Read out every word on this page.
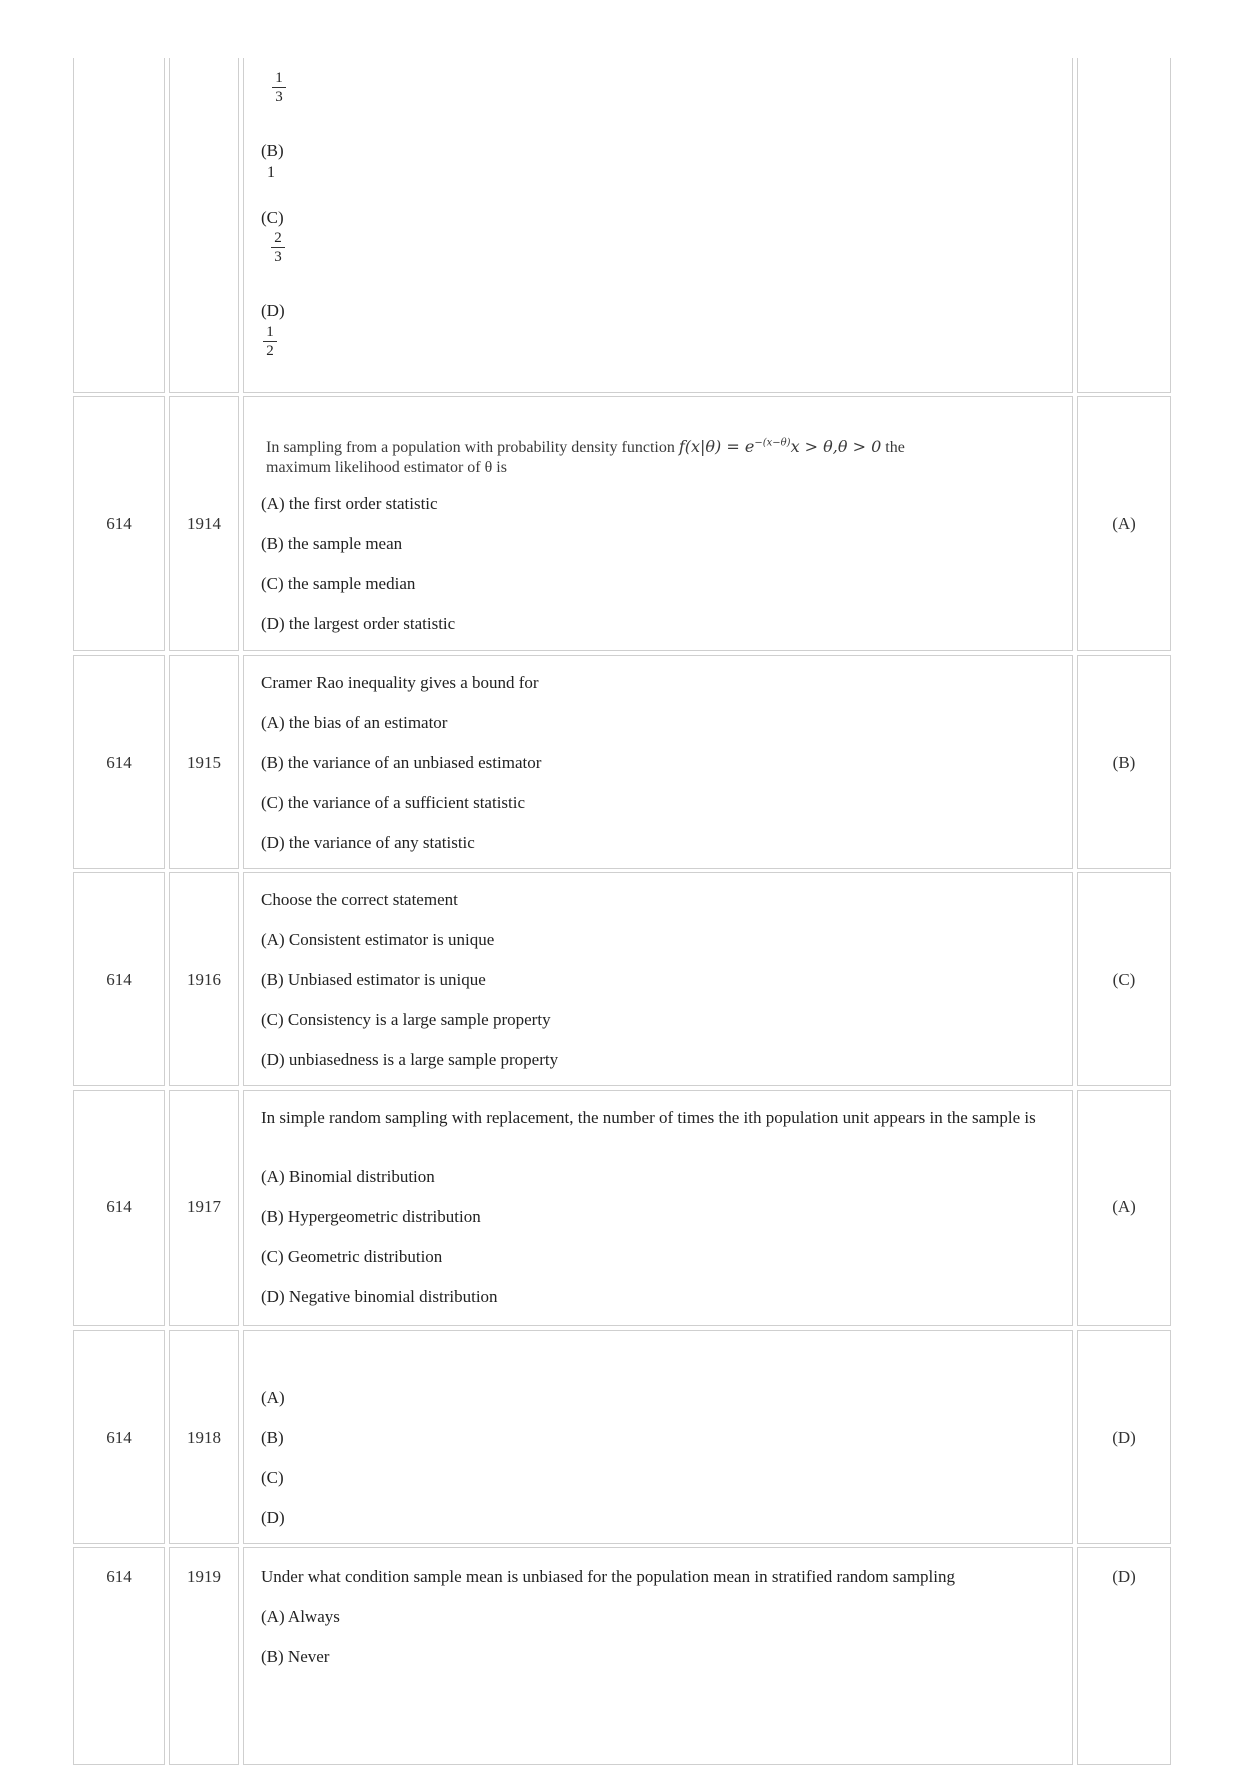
1
3
(B)
1
(C)
2
3
(D)
1
2
614	1914
In sampling from a population with probability density function $f(x|\theta) = e^{-(x-\theta)}x > \theta,\theta > 0$ the
maximum likelihood estimator of θ is
(A) the first order statistic
(B) the sample mean
(C) the sample median
(D) the largest order statistic
(A)
614	1915
Cramer Rao inequality gives a bound for
(A) the bias of an estimator
(B) the variance of an unbiased estimator
(C) the variance of a sufficient statistic
(D) the variance of any statistic
(B)
614	1916
Choose the correct statement
(A) Consistent estimator is unique
(B) Unbiased estimator is unique
(C) Consistency is a large sample property
(D) unbiasedness is a large sample property
(C)
614	1917
In simple random sampling with replacement, the number of times the ith population unit appears in the sample is
(A) Binomial distribution
(B) Hypergeometric distribution
(C) Geometric distribution
(D) Negative binomial distribution
(A)
614	1918
(A)
(B)
(C)
(D)
(D)
614	1919	Under what condition sample mean is unbiased for the population mean in stratified random sampling
(A) Always
(B) Never
(D)
